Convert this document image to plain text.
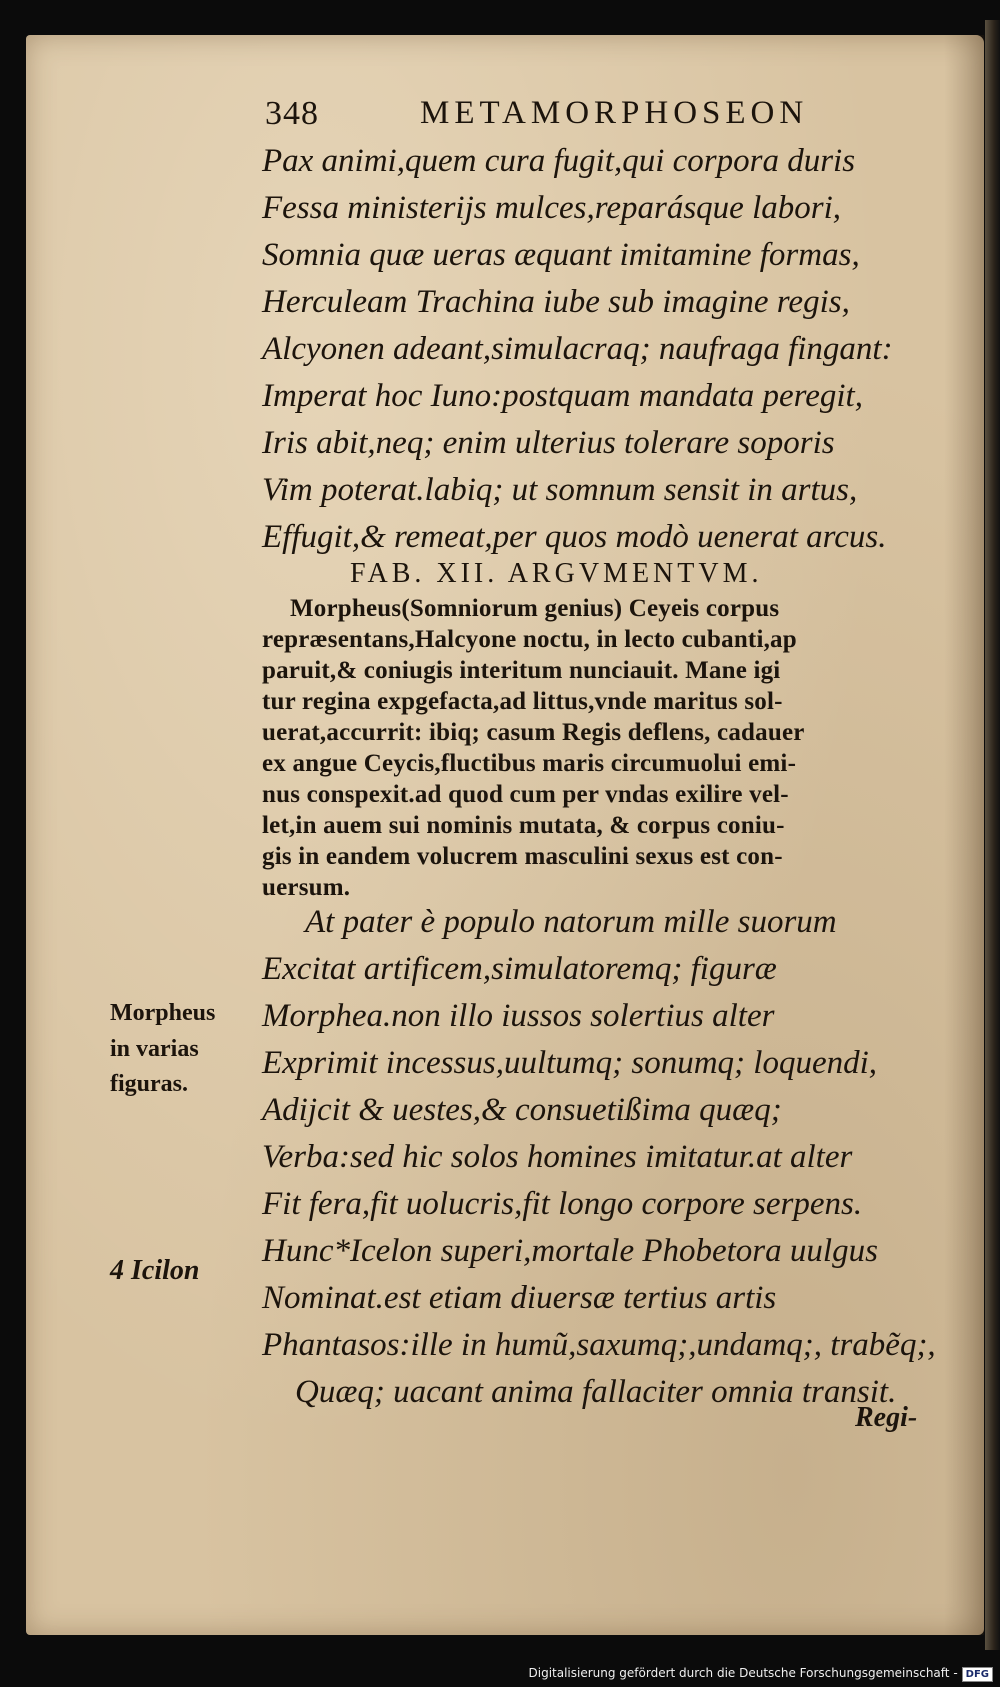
348	METAMORPHOSEON
Pax animi,quem cura fugit,qui corpora duris
Fessa ministerijs mulces,reparásque labori,
Somnia quæ ueras æquant imitamine formas,
Herculeam Trachina iube sub imagine regis,
Alcyonen adeant,simulacraq; naufraga fingant:
Imperat hoc Iuno:postquam mandata peregit,
Iris abit,neq; enim ulterius tolerare soporis
Vim poterat.labiq; ut somnum sensit in artus,
Effugit,& remeat,per quos modò uenerat arcus.
FAB. XII. ARGVMENTVM.
Morpheus(Somniorum genius) Ceyeis corpus
repræsentans,Halcyone noctu, in lecto cubanti,ap
paruit,& coniugis interitum nunciauit. Mane igi
tur regina expgefacta,ad littus,vnde maritus sol-
uerat,accurrit: ibiq; casum Regis deflens, cadauer
ex angue Ceycis,fluctibus maris circumuolui emi-
nus conspexit.ad quod cum per vndas exilire vel-
let,in auem sui nominis mutata, & corpus coniu-
gis in eandem volucrem masculini sexus est con-
uersum.
At pater è populo natorum mille suorum
Excitat artificem,simulatoremq; figuræ
Morphea.non illo iussos solertius alter
Exprimit incessus,uultumq; sonumq; loquendi,
Adijcit & uestes,& consuetißima quæq;
Verba:sed hic solos homines imitatur.at alter
Fit fera,fit uolucris,fit longo corpore serpens.
Hunc*Icelon superi,mortale Phobetora uulgus
Nominat.est etiam diuersæ tertius artis
Phantasos:ille in humũ,saxumq;,undamq;, trabẽq;,
Quæq; uacant anima fallaciter omnia transit.
Morpheus
in varias
figuras.
4 Icilon
Regi-
Digitalisierung gefördert durch die Deutsche Forschungsgemeinschaft - DFG
